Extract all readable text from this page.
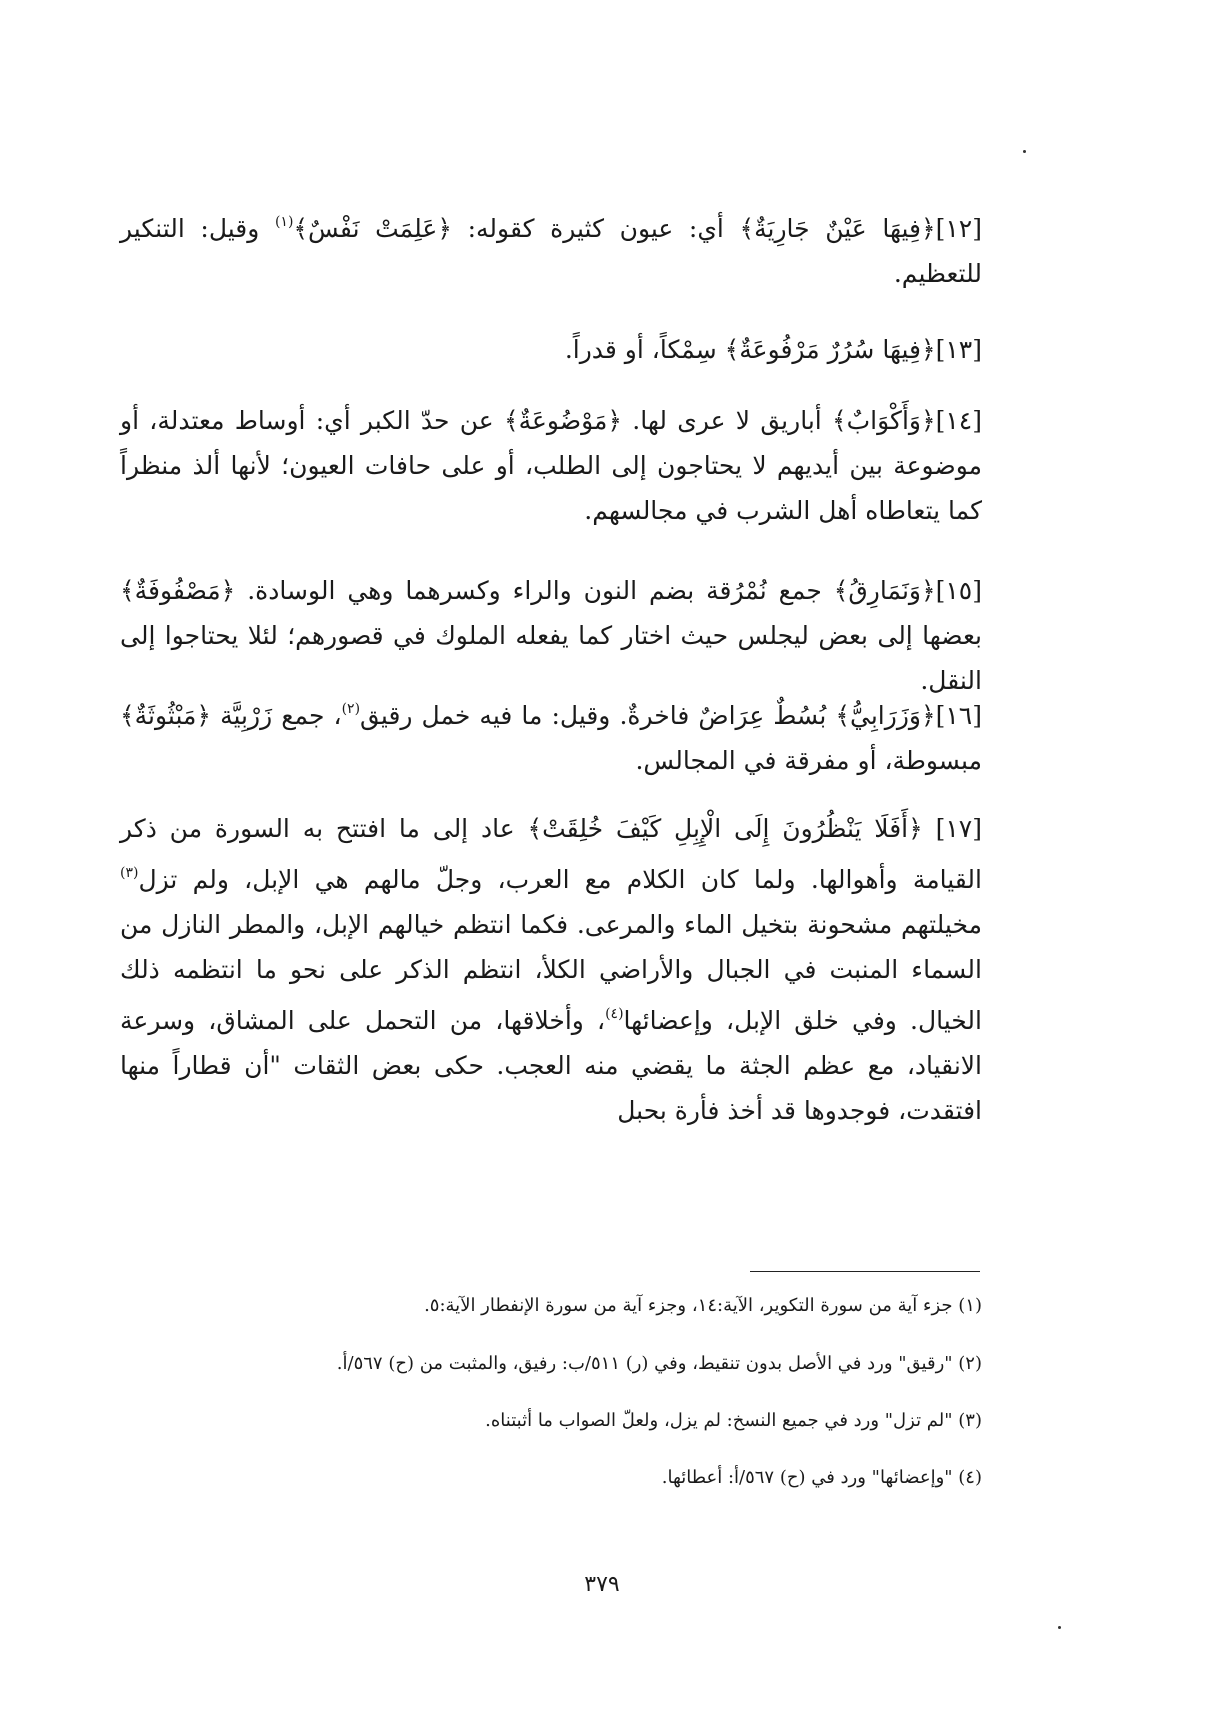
[١٢]﴿فِيهَا عَيْنٌ جَارِيَةٌ﴾ أي: عيون كثيرة كقوله: ﴿عَلِمَتْ نَفْسٌ﴾$^{(١)}$ وقيل: التنكير للتعظيم.

[١٣]﴿فِيهَا سُرُرٌ مَرْفُوعَةٌ﴾ سِمْكاً، أو قدراً.

[١٤]﴿وَأَكْوَابٌ﴾ أباريق لا عرى لها. ﴿مَوْضُوعَةٌ﴾ عن حدّ الكبر أي: أوساط معتدلة، أو موضوعة بين أيديهم لا يحتاجون إلى الطلب، أو على حافات العيون؛ لأنها ألذ منظراً كما يتعاطاه أهل الشرب في مجالسهم.

[١٥]﴿وَنَمَارِقُ﴾ جمع نُمْرُقة بضم النون والراء وكسرهما وهي الوسادة. ﴿مَصْفُوفَةٌ﴾ بعضها إلى بعض ليجلس حيث اختار كما يفعله الملوك في قصورهم؛ لئلا يحتاجوا إلى النقل.

[١٦]﴿وَزَرَابِيُّ﴾ بُسُطٌ عِرَاضٌ فاخرةٌ. وقيل: ما فيه خمل رقيق$^{(٢)}$، جمع زَرْبِيَّة ﴿مَبْثُوثَةٌ﴾ مبسوطة، أو مفرقة في المجالس.

[١٧] ﴿أَفَلَا يَنْظُرُونَ إِلَى الْإِبِلِ كَيْفَ خُلِقَتْ﴾ عاد إلى ما افتتح به السورة من ذكر القيامة وأهوالها. ولما كان الكلام مع العرب، وجلّ مالهم هي الإبل، ولم تزل$^{(٣)}$ مخيلتهم مشحونة بتخيل الماء والمرعى. فكما انتظم خيالهم الإبل، والمطر النازل من السماء المنبت في الجبال والأراضي الكلأ، انتظم الذكر على نحو ما انتظمه ذلك الخيال. وفي خلق الإبل، وإعضائها$^{(٤)}$، وأخلاقها، من التحمل على المشاق، وسرعة الانقياد، مع عظم الجثة ما يقضي منه العجب. حكى بعض الثقات "أن قطاراً منها افتقدت، فوجدوها قد أخذ فأرة بحبل

(١) جزء آية من سورة التكوير، الآية:١٤، وجزء آية من سورة الإنفطار الآية:٥.

(٢) "رقيق" ورد في الأصل بدون تنقيط، وفي (ر) ٥١١/ب: رفيق، والمثبت من (ح) ٥٦٧/أ.

(٣) "لم تزل" ورد في جميع النسخ: لم يزل، ولعلّ الصواب ما أثبتناه.

(٤) "وإعضائها" ورد في (ح) ٥٦٧/أ: أعطائها.

٣٧٩
